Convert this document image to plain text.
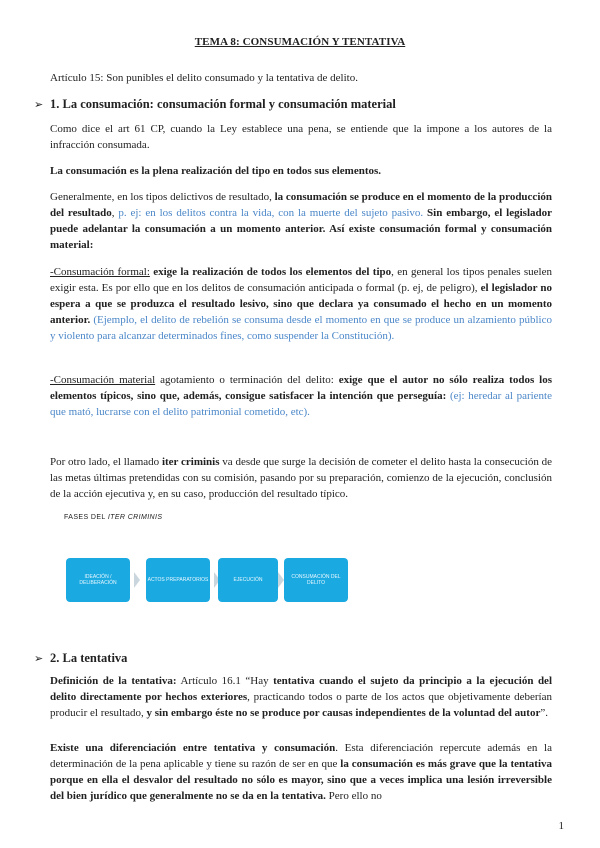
TEMA 8: CONSUMACIÓN Y TENTATIVA

Artículo 15: Son punibles el delito consumado y la tentativa de delito.

➢ 1. La consumación: consumación formal y consumación material

Como dice el art 61 CP, cuando la Ley establece una pena, se entiende que la impone a los autores de la infracción consumada.

La consumación es la plena realización del tipo en todos sus elementos.

Generalmente, en los tipos delictivos de resultado, la consumación se produce en el momento de la producción del resultado, p. ej: en los delitos contra la vida, con la muerte del sujeto pasivo. Sin embargo, el legislador puede adelantar la consumación a un momento anterior. Así existe consumación formal y consumación material:

-Consumación formal: exige la realización de todos los elementos del tipo, en general los tipos penales suelen exigir esta. Es por ello que en los delitos de consumación anticipada o formal (p. ej, de peligro), el legislador no espera a que se produzca el resultado lesivo, sino que declara ya consumado el hecho en un momento anterior. (Ejemplo, el delito de rebelión se consuma desde el momento en que se produce un alzamiento público y violento para alcanzar determinados fines, como suspender la Constitución).

-Consumación material agotamiento o terminación del delito: exige que el autor no sólo realiza todos los elementos típicos, sino que, además, consigue satisfacer la intención que perseguía: (ej: heredar al pariente que mató, lucrarse con el delito patrimonial cometido, etc).

Por otro lado, el llamado iter criminis va desde que surge la decisión de cometer el delito hasta la consecución de las metas últimas pretendidas con su comisión, pasando por su preparación, comienzo de la ejecución, conclusión de la acción ejecutiva y, en su caso, producción del resultado típico.

FASES DEL ITER CRIMINIS
IDEACIÓN / DELIBERACIÓN	ACTOS PREPARATORIOS	EJECUCIÓN	CONSUMACIÓN DEL DELITO
➢ 2. La tentativa

Definición de la tentativa: Artículo 16.1 “Hay tentativa cuando el sujeto da principio a la ejecución del delito directamente por hechos exteriores, practicando todos o parte de los actos que objetivamente deberían producir el resultado, y sin embargo éste no se produce por causas independientes de la voluntad del autor”.

Existe una diferenciación entre tentativa y consumación. Esta diferenciación repercute además en la determinación de la pena aplicable y tiene su razón de ser en que la consumación es más grave que la tentativa porque en ella el desvalor del resultado no sólo es mayor, sino que a veces implica una lesión irreversible del bien jurídico que generalmente no se da en la tentativa. Pero ello no

1
